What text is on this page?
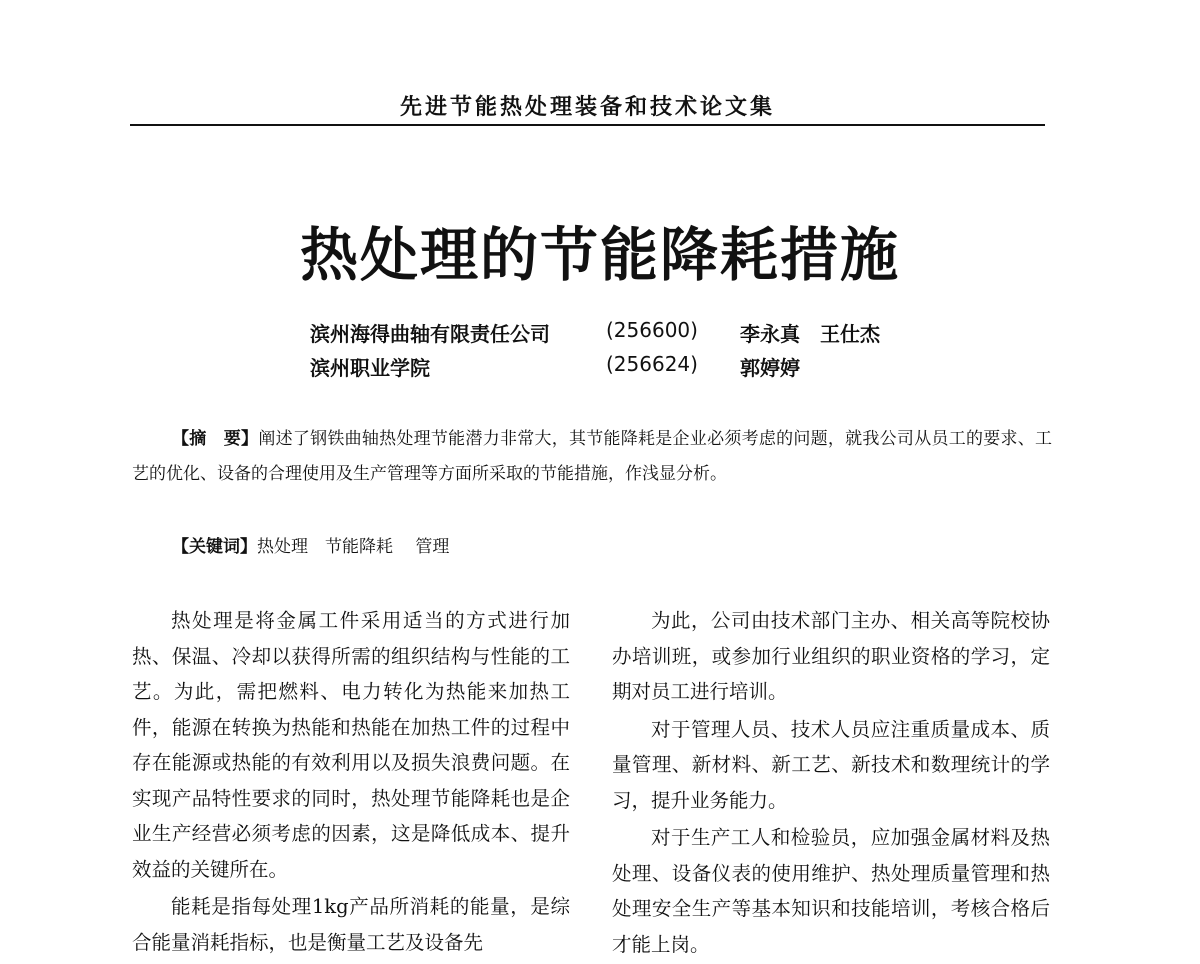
先进节能热处理装备和技术论文集
热处理的节能降耗措施
滨州海得曲轴有限责任公司	(256600) 李永真　王仕杰
滨州职业学院	(256624) 郭婷婷
【摘　要】阐述了钢铁曲轴热处理节能潜力非常大，其节能降耗是企业必须考虑的问题，就我公司从员工的要求、工艺的优化、设备的合理使用及生产管理等方面所采取的节能措施，作浅显分析。
【关键词】热处理　节能降耗　 管理

热处理是将金属工件采用适当的方式进行加热、保温、冷却以获得所需的组织结构与性能的工艺。为此，需把燃料、电力转化为热能来加热工件，能源在转换为热能和热能在加热工件的过程中存在能源或热能的有效利用以及损失浪费问题。在实现产品特性要求的同时，热处理节能降耗也是企业生产经营必须考虑的因素，这是降低成本、提升效益的关键所在。

能耗是指每处理1kg产品所消耗的能量，是综合能量消耗指标，也是衡量工艺及设备先

为此，公司由技术部门主办、相关高等院校协办培训班，或参加行业组织的职业资格的学习，定期对员工进行培训。

对于管理人员、技术人员应注重质量成本、质量管理、新材料、新工艺、新技术和数理统计的学习，提升业务能力。

对于生产工人和检验员，应加强金属材料及热处理、设备仪表的使用维护、热处理质量管理和热处理安全生产等基本知识和技能培训，考核合格后才能上岗。
